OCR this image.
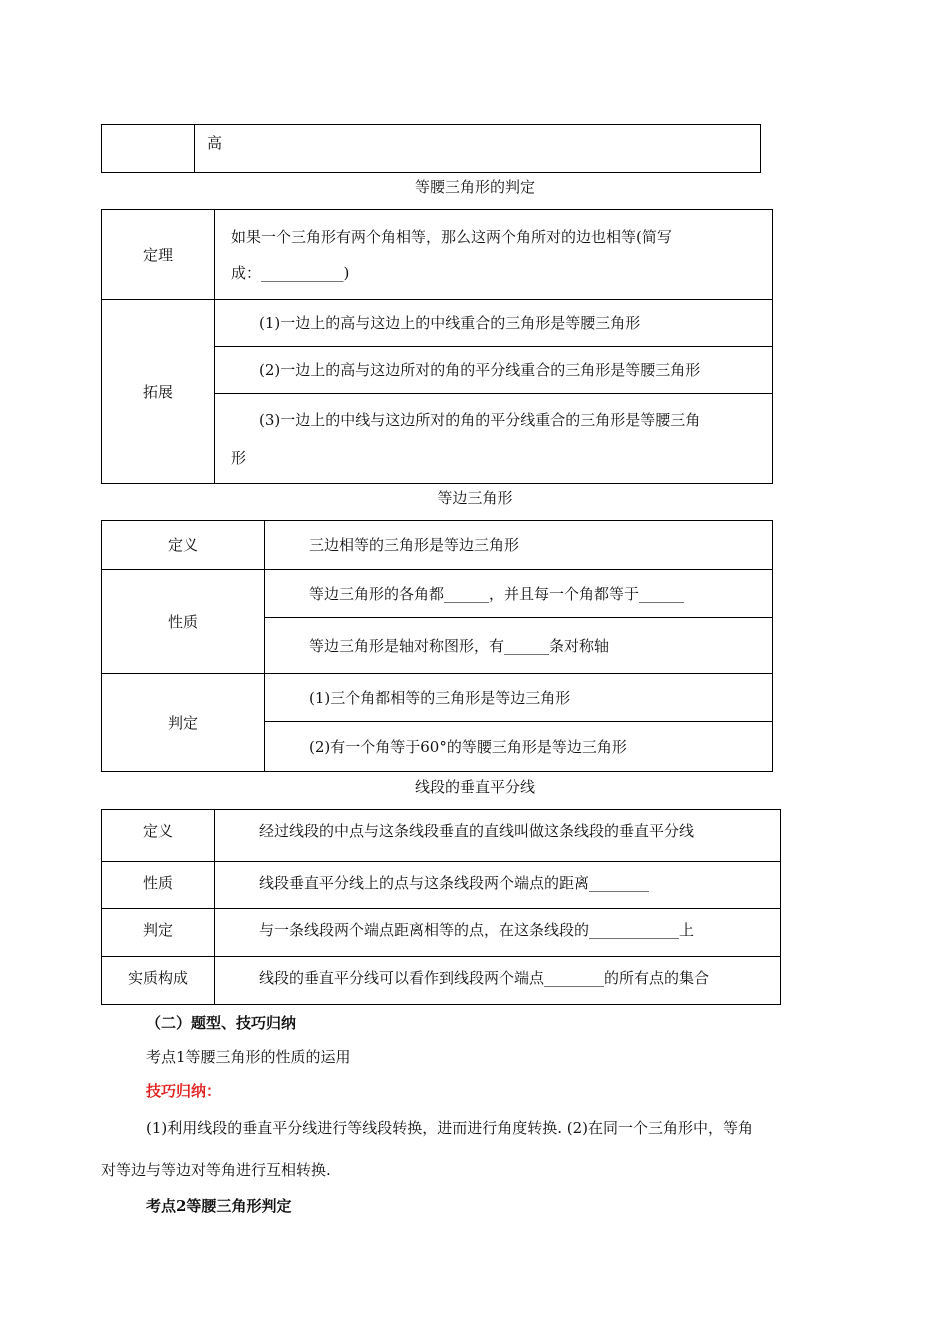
	高
等腰三角形的判定
定理	如果一个三角形有两个角相等，那么这两个角所对的边也相等(简写
成：___________)

拓展	(1)一边上的高与这边上的中线重合的三角形是等腰三角形
	(2)一边上的高与这边所对的角的平分线重合的三角形是等腰三角形

	(3)一边上的中线与这边所对的角的平分线重合的三角形是等腰三角
形
等边三角形
定义	三边相等的三角形是等边三角形
性质	等边三角形的各角都______，并且每一个角都等于______
	等边三角形是轴对称图形，有______条对称轴
判定	(1)三个角都相等的三角形是等边三角形
	(2)有一个角等于60°的等腰三角形是等边三角形
线段的垂直平分线
定义	经过线段的中点与这条线段垂直的直线叫做这条线段的垂直平分线
性质	线段垂直平分线上的点与这条线段两个端点的距离________
判定	与一条线段两个端点距离相等的点，在这条线段的____________上
实质构成	线段的垂直平分线可以看作到线段两个端点________的所有点的集合

（二）题型、技巧归纳

考点1等腰三角形的性质的运用

技巧归纳：

(1)利用线段的垂直平分线进行等线段转换，进而进行角度转换. (2)在同一个三角形中，等角

对等边与等边对等角进行互相转换.

考点2等腰三角形判定
